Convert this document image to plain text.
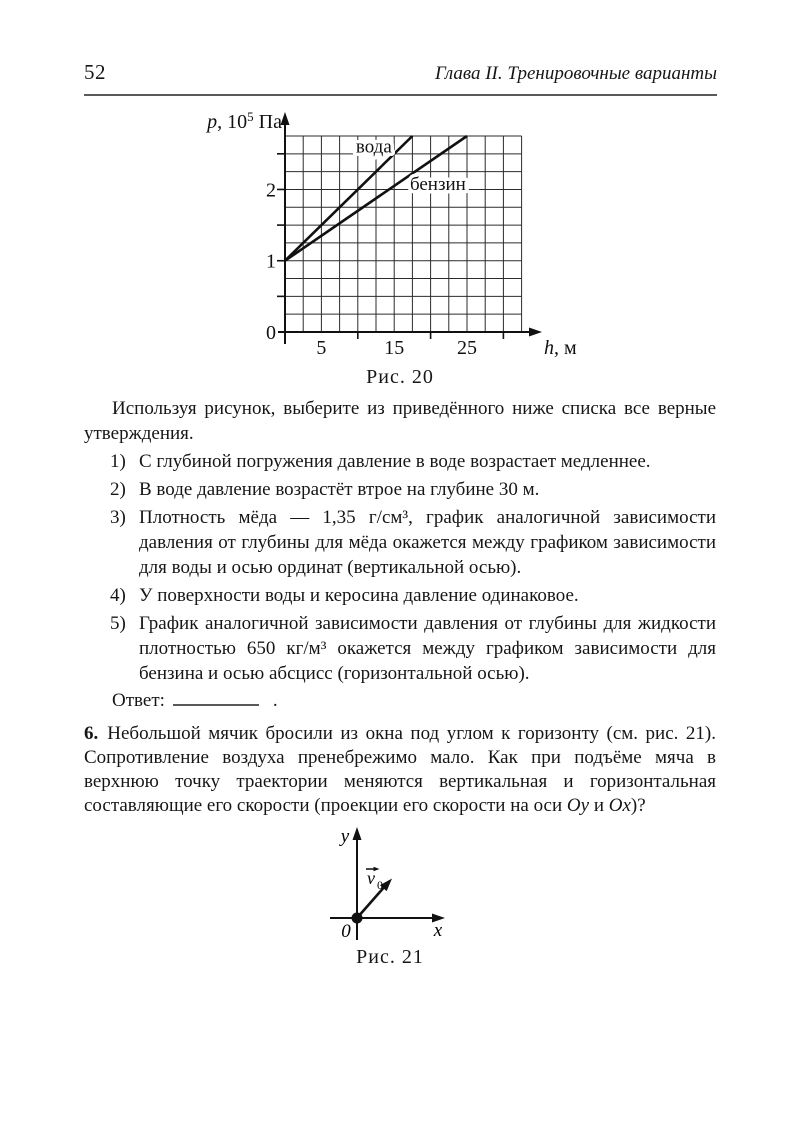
52	Глава II. Тренировочные варианты
0
1
2
5	15	25
вода
бензин
p, $10^5$ Па
h, м
Рис. 20
Используя рисунок, выберите из приведённого ниже списка все верные утверждения.
1) С глубиной погружения давление в воде возрастает медленнее.
2) В воде давление возрастёт втрое на глубине 30 м.
3) Плотность мёда — 1,35 г/см³, график аналогичной зависимости давления от глубины для мёда окажется между графиком зависимости для воды и осью ординат (вертикальной осью).
4) У поверхности воды и керосина давление одинаковое.
5) График аналогичной зависимости давления от глубины для жидкости плотностью 650 кг/м³ окажется между графиком зависимости для бензина и осью абсцисс (горизонтальной осью).
Ответ:	.
6. Небольшой мячик бросили из окна под углом к горизонту (см. рис. 21). Сопротивление воздуха пренебрежимо мало. Как при подъёме мяча в верхнюю точку траектории меняются вертикальная и горизонтальная составляющие его скорости (проекции его скорости на оси Oy и Ox)?
y
x
0
v 0
Рис. 21
